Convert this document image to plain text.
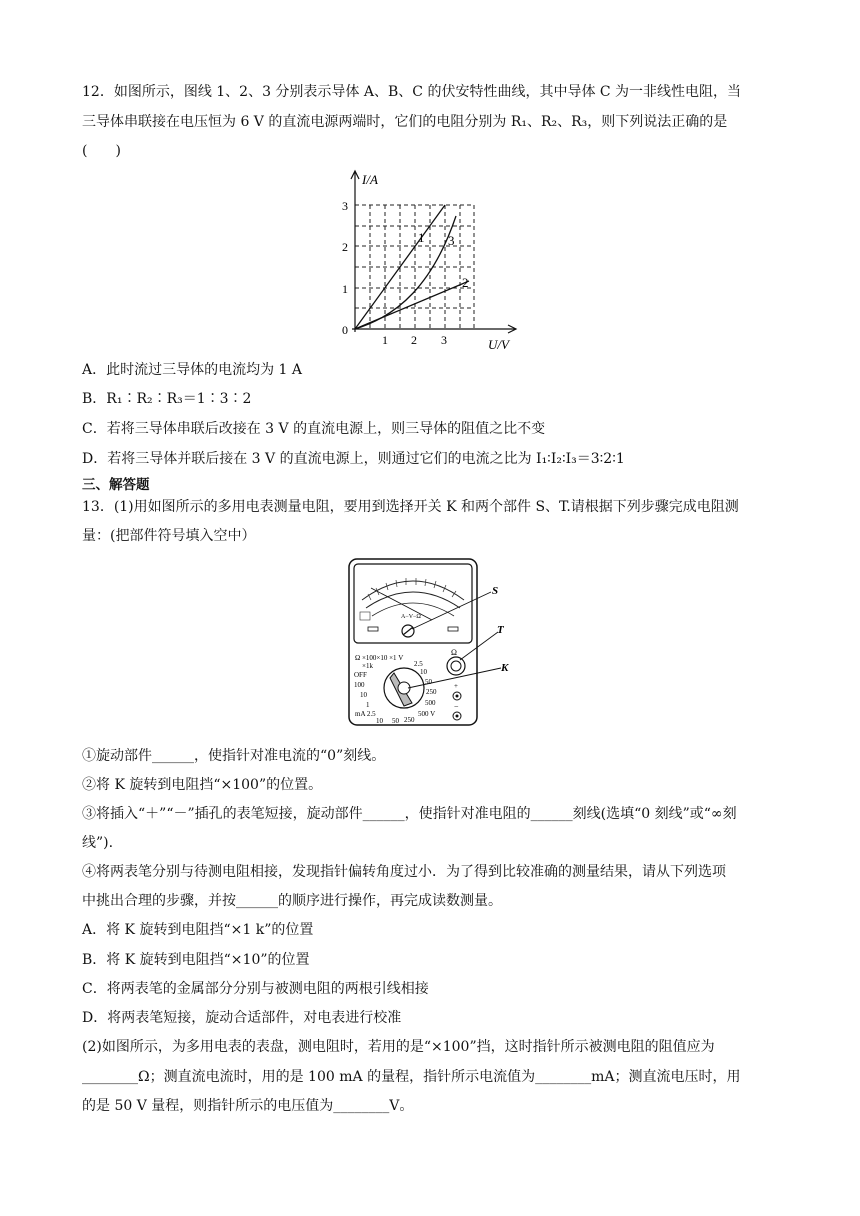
12．如图所示，图线 1、2、3 分别表示导体 A、B、C 的伏安特性曲线，其中导体 C 为一非线性电阻，当
三导体串联接在电压恒为 6 V 的直流电源两端时，它们的电阻分别为 R₁、R₂、R₃，则下列说法正确的是
(　　)
I/A
U/V
0
3
2
1
1 2 3
1 3
2
A．此时流过三导体的电流均为 1 A
B．R₁∶R₂∶R₃＝1∶3∶2
C．若将三导体串联后改接在 3 V 的直流电源上，则三导体的阻值之比不变
D．若将三导体并联后接在 3 V 的直流电源上，则通过它们的电流之比为 I₁∶I₂∶I₃＝3∶2∶1
三、解答题
13．(1)用如图所示的多用电表测量电阻，要用到选择开关 K 和两个部件 S、T.请根据下列步骤完成电阻测
量：(把部件符号填入空中）
A−V−Ω
Ω
+
−
Ω ×100×10 ×1 V
×1k
OFF
100
10
1
mA 2.5
10 50 250
2.5
10
50
250
500
500 V
S
T
K
①旋动部件______，使指针对准电流的“0”刻线。
②将 K 旋转到电阻挡“×100”的位置。
③将插入“＋”“－”插孔的表笔短接，旋动部件______，使指针对准电阻的______刻线(选填“0 刻线”或“∞刻
线”).
④将两表笔分别与待测电阻相接，发现指针偏转角度过小．为了得到比较准确的测量结果，请从下列选项
中挑出合理的步骤，并按______的顺序进行操作，再完成读数测量。
A．将 K 旋转到电阻挡“×1 k”的位置
B．将 K 旋转到电阻挡“×10”的位置
C．将两表笔的金属部分分别与被测电阻的两根引线相接
D．将两表笔短接，旋动合适部件，对电表进行校准
(2)如图所示，为多用电表的表盘，测电阻时，若用的是“×100”挡，这时指针所示被测电阻的阻值应为
________Ω；测直流电流时，用的是 100 mA 的量程，指针所示电流值为________mA；测直流电压时，用
的是 50 V 量程，则指针所示的电压值为________V。
